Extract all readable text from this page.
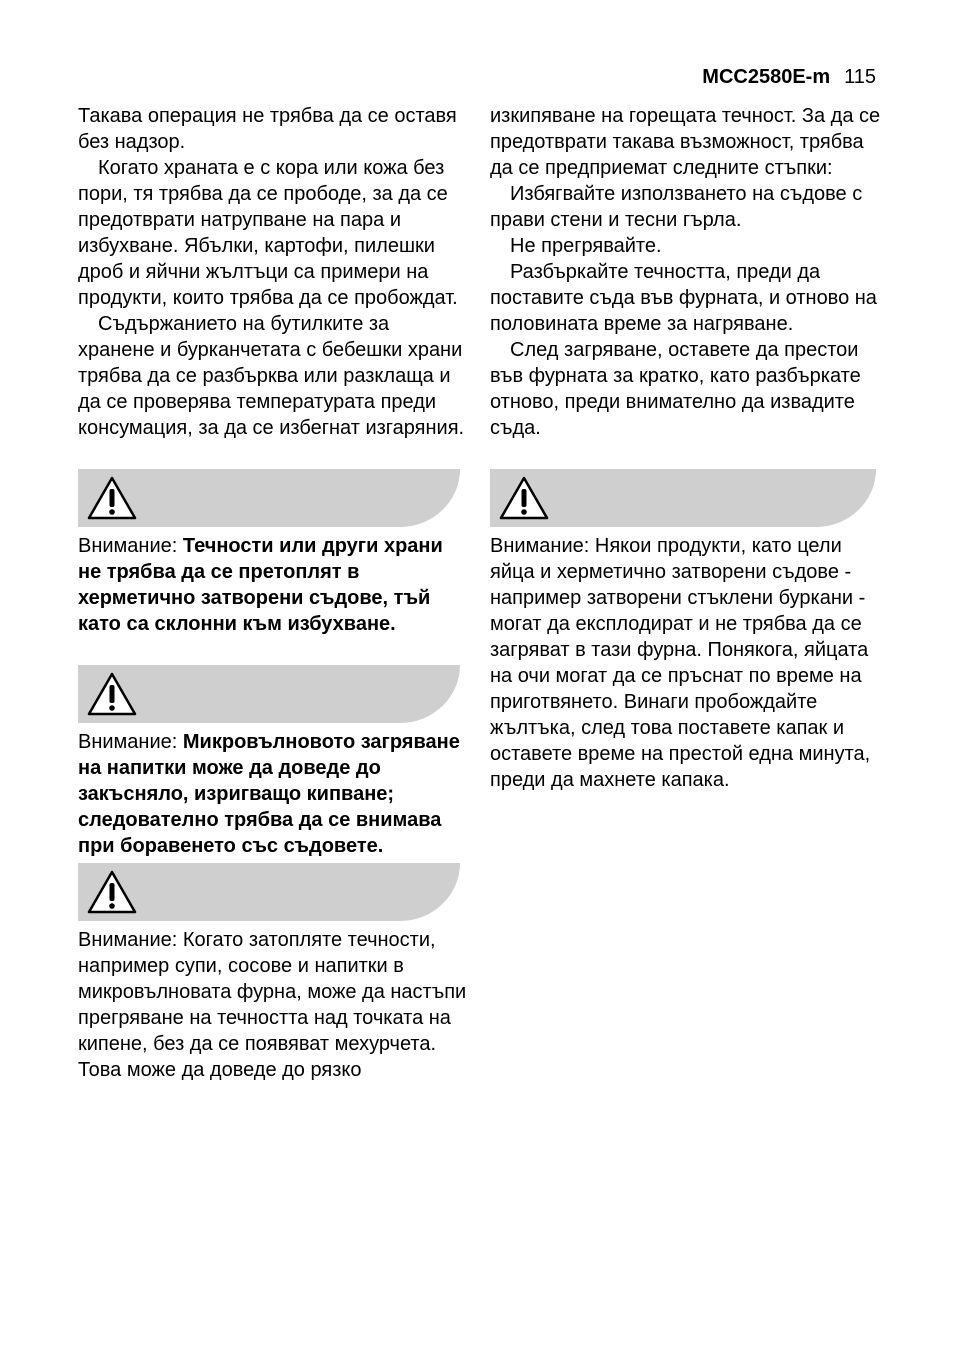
MCC2580E-m 115

Такава операция не трябва да се оставя без надзор.

Когато храната е с кора или кожа без пори, тя трябва да се прободе, за да се предотврати натрупване на пара и избухване. Ябълки, картофи, пилешки дроб и яйчни жълтъци са примери на продукти, които трябва да се пробождат.

Съдържанието на бутилките за хранене и бурканчетата с бебешки храни трябва да се разбърква или разклаща и да се проверява температурата преди консумация, за да се избегнат изгаряния.

Внимание: Течности или други храни не трябва да се претоплят в херметично затворени съдове, тъй като са склонни към избухване.

Внимание: Микровълновото загряване на напитки може да доведе до закъсняло, изригващо кипване; следователно трябва да се внимава при боравенето със съдовете.

Внимание: Когато затопляте течности, например супи, сосове и напитки в микровълновата фурна, може да настъпи прегряване на течността над точката на кипене, без да се появяват мехурчета. Това може да доведе до рязко

изкипяване на горещата течност. За да се предотврати такава възможност, трябва да се предприемат следните стъпки:

Избягвайте използването на съдове с прави стени и тесни гърла.

Не прегрявайте.

Разбъркайте течността, преди да поставите съда във фурната, и отново на половината време за нагряване.

След загряване, оставете да престои във фурната за кратко, като разбъркате отново, преди внимателно да извадите съда.

Внимание: Някои продукти, като цели яйца и херметично затворени съдове - например затворени стъклени буркани - могат да експлодират и не трябва да се загряват в тази фурна. Понякога, яйцата на очи могат да се пръснат по време на приготвянето. Винаги пробождайте жълтъка, след това поставете капак и оставете време на престой една минута, преди да махнете капака.
